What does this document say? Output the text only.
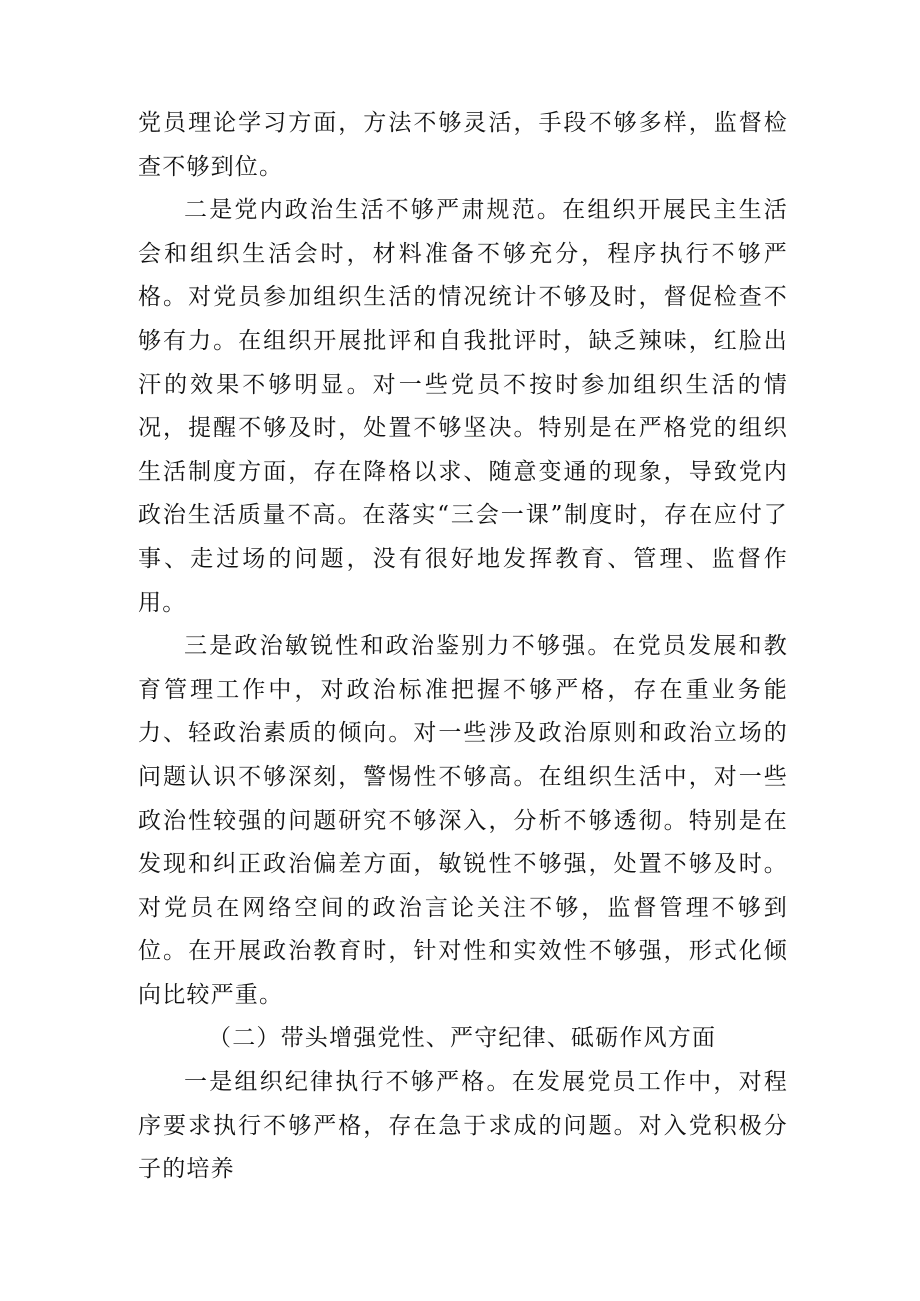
党员理论学习方面，方法不够灵活，手段不够多样，监督检查不够到位。

二是党内政治生活不够严肃规范。在组织开展民主生活会和组织生活会时，材料准备不够充分，程序执行不够严格。对党员参加组织生活的情况统计不够及时，督促检查不够有力。在组织开展批评和自我批评时，缺乏辣味，红脸出汗的效果不够明显。对一些党员不按时参加组织生活的情况，提醒不够及时，处置不够坚决。特别是在严格党的组织生活制度方面，存在降格以求、随意变通的现象，导致党内政治生活质量不高。在落实“三会一课”制度时，存在应付了事、走过场的问题，没有很好地发挥教育、管理、监督作用。

三是政治敏锐性和政治鉴别力不够强。在党员发展和教育管理工作中，对政治标准把握不够严格，存在重业务能力、轻政治素质的倾向。对一些涉及政治原则和政治立场的问题认识不够深刻，警惕性不够高。在组织生活中，对一些政治性较强的问题研究不够深入，分析不够透彻。特别是在发现和纠正政治偏差方面，敏锐性不够强，处置不够及时。对党员在网络空间的政治言论关注不够，监督管理不够到位。在开展政治教育时，针对性和实效性不够强，形式化倾向比较严重。

（二）带头增强党性、严守纪律、砥砺作风方面

一是组织纪律执行不够严格。在发展党员工作中，对程序要求执行不够严格，存在急于求成的问题。对入党积极分子的培养
